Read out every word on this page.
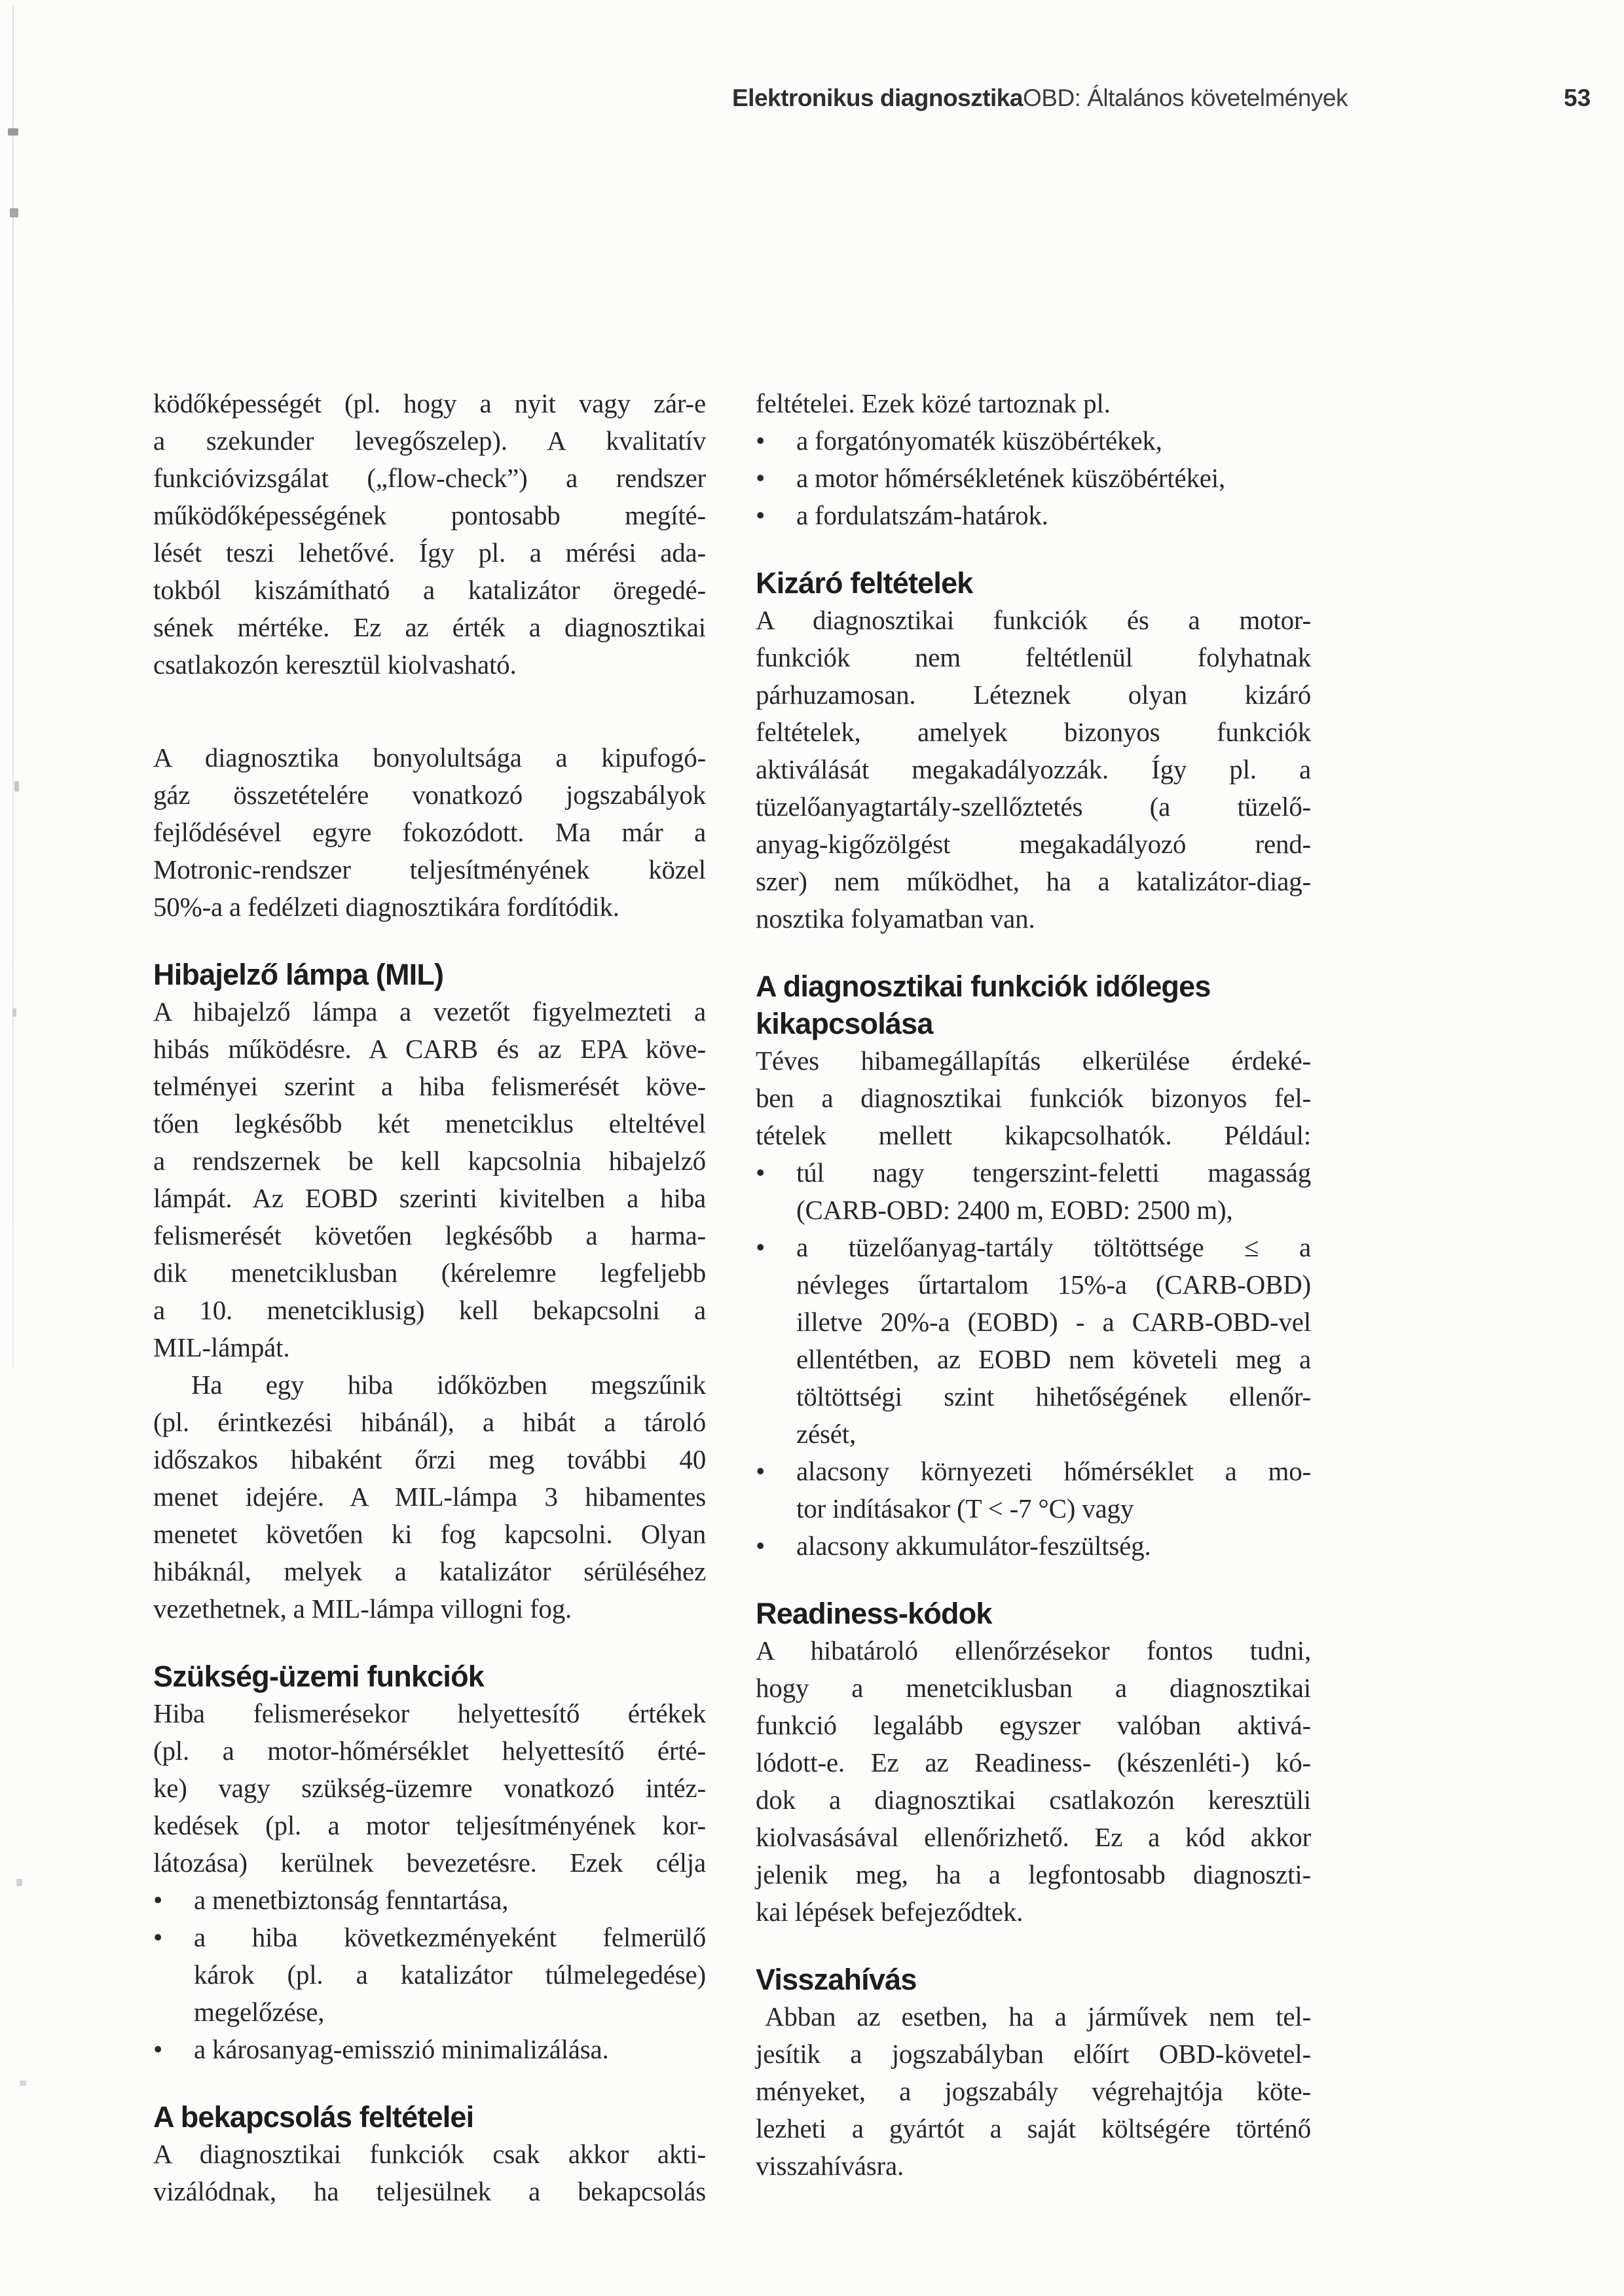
Elektronikus diagnosztika OBD: Általános követelmények	53
ködőképességét (pl. hogy a nyit vagy zár-e
a szekunder levegőszelep). A kvalitatív
funkcióvizsgálat („flow-check”) a rendszer
működőképességének pontosabb megíté-
lését teszi lehetővé. Így pl. a mérési ada-
tokból kiszámítható a katalizátor öregedé-
sének mértéke. Ez az érték a diagnosztikai
csatlakozón keresztül kiolvasható.
A diagnosztika bonyolultsága a kipufogó-
gáz összetételére vonatkozó jogszabályok
fejlődésével egyre fokozódott. Ma már a
Motronic-rendszer teljesítményének közel
50%-a a fedélzeti diagnosztikára fordítódik.
Hibajelző lámpa (MIL)
A hibajelző lámpa a vezetőt figyelmezteti a
hibás működésre. A CARB és az EPA köve-
telményei szerint a hiba felismerését köve-
tően legkésőbb két menetciklus elteltével
a rendszernek be kell kapcsolnia hibajelző
lámpát. Az EOBD szerinti kivitelben a hiba
felismerését követően legkésőbb a harma-
dik menetciklusban (kérelemre legfeljebb
a 10. menetciklusig) kell bekapcsolni a
MIL-lámpát.
Ha egy hiba időközben megszűnik
(pl. érintkezési hibánál), a hibát a tároló
időszakos hibaként őrzi meg további 40
menet idejére. A MIL-lámpa 3 hibamentes
menetet követően ki fog kapcsolni. Olyan
hibáknál, melyek a katalizátor sérüléséhez
vezethetnek, a MIL-lámpa villogni fog.
Szükség-üzemi funkciók
Hiba felismerésekor helyettesítő értékek
(pl. a motor-hőmérséklet helyettesítő érté-
ke) vagy szükség-üzemre vonatkozó intéz-
kedések (pl. a motor teljesítményének kor-
látozása) kerülnek bevezetésre. Ezek célja
•	a menetbiztonság fenntartása,
•	a hiba következményeként felmerülő
károk (pl. a katalizátor túlmelegedése)
megelőzése,
•	a károsanyag-emisszió minimalizálása.
A bekapcsolás feltételei
A diagnosztikai funkciók csak akkor akti-
vizálódnak, ha teljesülnek a bekapcsolás
feltételei. Ezek közé tartoznak pl.
•	a forgatónyomaték küszöbértékek,
•	a motor hőmérsékletének küszöbértékei,
•	a fordulatszám-határok.
Kizáró feltételek
A diagnosztikai funkciók és a motor-
funkciók nem feltétlenül folyhatnak
párhuzamosan. Léteznek olyan kizáró
feltételek, amelyek bizonyos funkciók
aktiválását megakadályozzák. Így pl. a
tüzelőanyagtartály-szellőztetés (a tüzelő-
anyag-kigőzölgést megakadályozó rend-
szer) nem működhet, ha a katalizátor-diag-
nosztika folyamatban van.
A diagnosztikai funkciók időleges
kikapcsolása
Téves hibamegállapítás elkerülése érdeké-
ben a diagnosztikai funkciók bizonyos fel-
tételek mellett kikapcsolhatók. Például:
•	túl nagy tengerszint-feletti magasság
(CARB-OBD: 2400 m, EOBD: 2500 m),
•	a tüzelőanyag-tartály töltöttsége ≤ a
névleges űrtartalom 15%-a (CARB-OBD)
illetve 20%-a (EOBD) - a CARB-OBD-vel
ellentétben, az EOBD nem követeli meg a
töltöttségi szint hihetőségének ellenőr-
zését,
•	alacsony környezeti hőmérséklet a mo-
tor indításakor (T < -7 °C) vagy
•	alacsony akkumulátor-feszültség.
Readiness-kódok
A hibatároló ellenőrzésekor fontos tudni,
hogy a menetciklusban a diagnosztikai
funkció legalább egyszer valóban aktivá-
lódott-e. Ez az Readiness- (készenléti-) kó-
dok a diagnosztikai csatlakozón keresztüli
kiolvasásával ellenőrizhető. Ez a kód akkor
jelenik meg, ha a legfontosabb diagnoszti-
kai lépések befejeződtek.
Visszahívás
Abban az esetben, ha a járművek nem tel-
jesítik a jogszabályban előírt OBD-követel-
ményeket, a jogszabály végrehajtója köte-
lezheti a gyártót a saját költségére történő
visszahívásra.
